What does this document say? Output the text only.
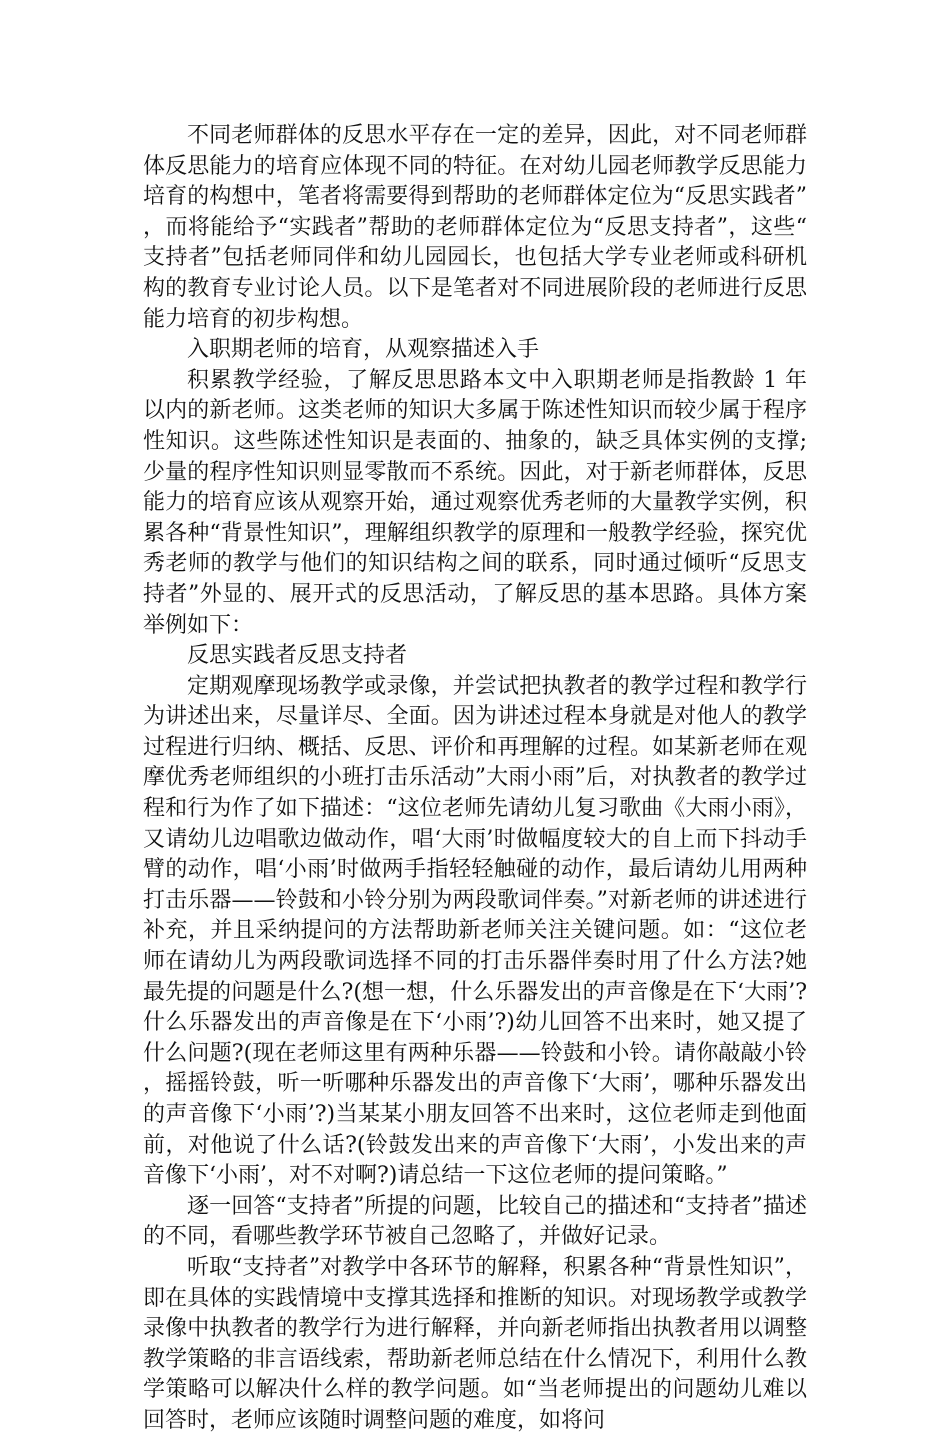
不同老师群体的反思水平存在一定的差异，因此，对不同老师群体反思能力的培育应体现不同的特征。在对幼儿园老师教学反思能力培育的构想中，笔者将需要得到帮助的老师群体定位为“反思实践者”，而将能给予“实践者”帮助的老师群体定位为“反思支持者”，这些“支持者”包括老师同伴和幼儿园园长，也包括大学专业老师或科研机构的教育专业讨论人员。以下是笔者对不同进展阶段的老师进行反思能力培育的初步构想。

入职期老师的培育，从观察描述入手

积累教学经验，了解反思思路本文中入职期老师是指教龄 1 年以内的新老师。这类老师的知识大多属于陈述性知识而较少属于程序性知识。这些陈述性知识是表面的、抽象的，缺乏具体实例的支撑;少量的程序性知识则显零散而不系统。因此，对于新老师群体，反思能力的培育应该从观察开始，通过观察优秀老师的大量教学实例，积累各种“背景性知识”，理解组织教学的原理和一般教学经验，探究优秀老师的教学与他们的知识结构之间的联系，同时通过倾听“反思支持者”外显的、展开式的反思活动，了解反思的基本思路。具体方案举例如下：

反思实践者反思支持者

定期观摩现场教学或录像，并尝试把执教者的教学过程和教学行为讲述出来，尽量详尽、全面。因为讲述过程本身就是对他人的教学过程进行归纳、概括、反思、评价和再理解的过程。如某新老师在观摩优秀老师组织的小班打击乐活动”大雨小雨”后，对执教者的教学过程和行为作了如下描述：“这位老师先请幼儿复习歌曲《大雨小雨》，又请幼儿边唱歌边做动作，唱‘大雨’时做幅度较大的自上而下抖动手臂的动作，唱‘小雨’时做两手指轻轻触碰的动作，最后请幼儿用两种打击乐器——铃鼓和小铃分别为两段歌词伴奏。”对新老师的讲述进行补充，并且采纳提问的方法帮助新老师关注关键问题。如：“这位老师在请幼儿为两段歌词选择不同的打击乐器伴奏时用了什么方法?她最先提的问题是什么?(想一想，什么乐器发出的声音像是在下‘大雨’?什么乐器发出的声音像是在下‘小雨’?)幼儿回答不出来时，她又提了什么问题?(现在老师这里有两种乐器——铃鼓和小铃。请你敲敲小铃，摇摇铃鼓，听一听哪种乐器发出的声音像下‘大雨’，哪种乐器发出的声音像下‘小雨’?)当某某小朋友回答不出来时，这位老师走到他面前，对他说了什么话?(铃鼓发出来的声音像下‘大雨’，小发出来的声音像下‘小雨’，对不对啊?)请总结一下这位老师的提问策略。”

逐一回答“支持者”所提的问题，比较自己的描述和“支持者”描述的不同，看哪些教学环节被自己忽略了，并做好记录。

听取“支持者”对教学中各环节的解释，积累各种“背景性知识”，即在具体的实践情境中支撑其选择和推断的知识。对现场教学或教学录像中执教者的教学行为进行解释，并向新老师指出执教者用以调整教学策略的非言语线索，帮助新老师总结在什么情况下，利用什么教学策略可以解决什么样的教学问题。如“当老师提出的问题幼儿难以回答时，老师应该随时调整问题的难度，如将问
